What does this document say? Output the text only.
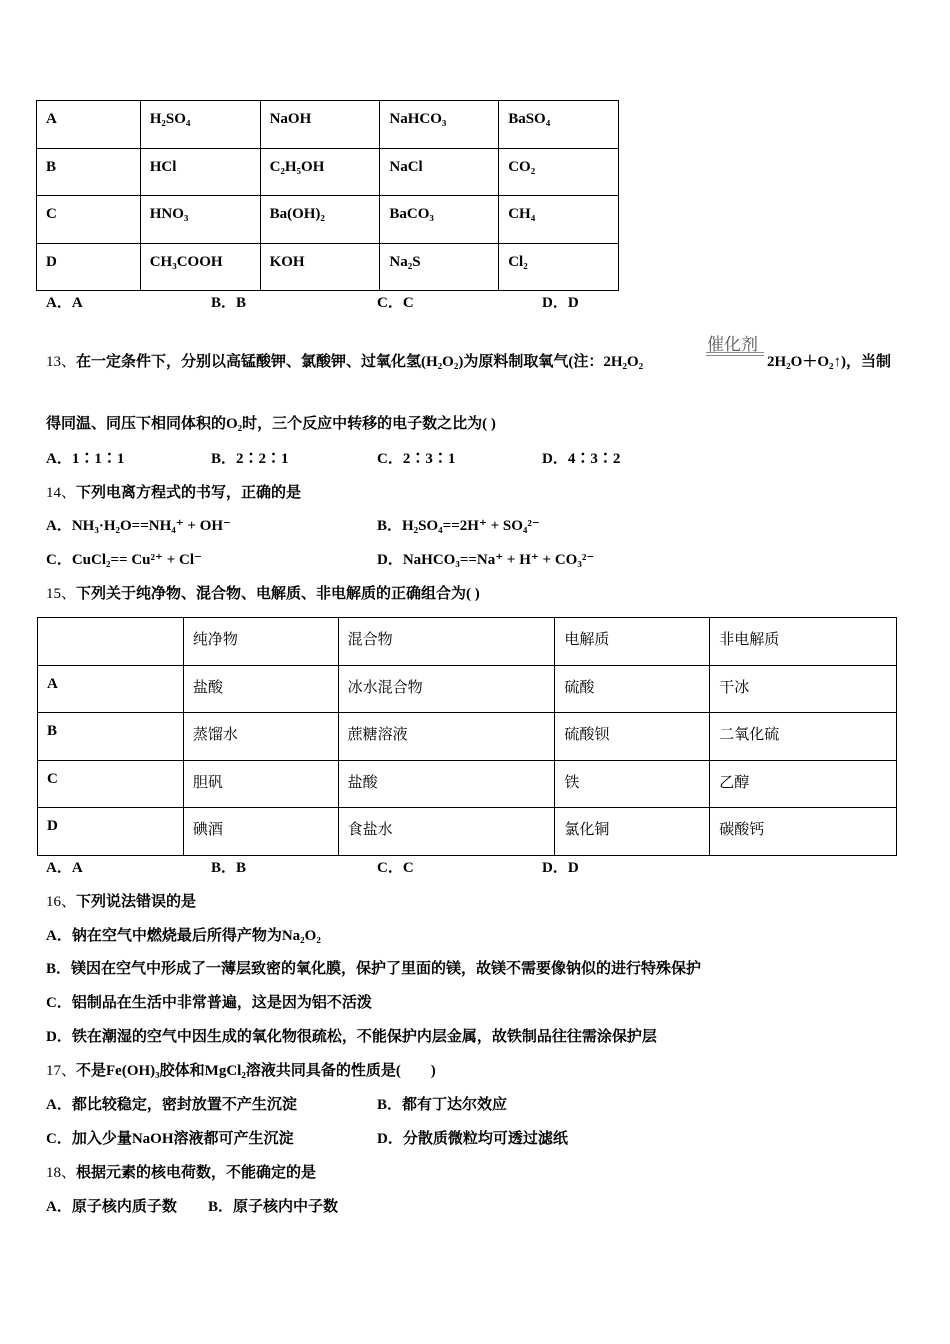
A	H₂SO₄	NaOH	NaHCO₃	BaSO₄
B	HCl	C₂H₅OH	NaCl	CO₂
C	HNO₃	Ba(OH)₂	BaCO₃	CH₄
D	CH₃COOH	KOH	Na₂S	Cl₂
A．A	B．B	C．C	D．D
13、在一定条件下，分别以高锰酸钾、氯酸钾、过氧化氢(H₂O₂)为原料制取氧气(注：2H₂O₂
催化剂
2H₂O＋O₂↑)，当制
得同温、同压下相同体积的O₂时，三个反应中转移的电子数之比为( )
A．1∶1∶1	B．2∶2∶1	C．2∶3∶1	D．4∶3∶2
14、下列电离方程式的书写，正确的是
A．NH₃·H₂O==NH₄⁺ + OH⁻	B．H₂SO₄==2H⁺ + SO₄²⁻
C．CuCl₂== Cu²⁺ + Cl⁻	D．NaHCO₃==Na⁺ + H⁺ + CO₃²⁻
15、下列关于纯净物、混合物、电解质、非电解质的正确组合为( )
	纯净物	混合物	电解质	非电解质
A	盐酸	冰水混合物	硫酸	干冰
B	蒸馏水	蔗糖溶液	硫酸钡	二氧化硫
C	胆矾	盐酸	铁	乙醇
D	碘酒	食盐水	氯化铜	碳酸钙
A．A	B．B	C．C	D．D
16、下列说法错误的是
A．钠在空气中燃烧最后所得产物为Na₂O₂
B．镁因在空气中形成了一薄层致密的氧化膜，保护了里面的镁，故镁不需要像钠似的进行特殊保护
C．铝制品在生活中非常普遍，这是因为铝不活泼
D．铁在潮湿的空气中因生成的氧化物很疏松，不能保护内层金属，故铁制品往往需涂保护层
17、不是Fe(OH)₃胶体和MgCl₂溶液共同具备的性质是(　　)
A．都比较稳定，密封放置不产生沉淀	B．都有丁达尔效应
C．加入少量NaOH溶液都可产生沉淀	D．分散质微粒均可透过滤纸
18、根据元素的核电荷数，不能确定的是
A．原子核内质子数 B．原子核内中子数
